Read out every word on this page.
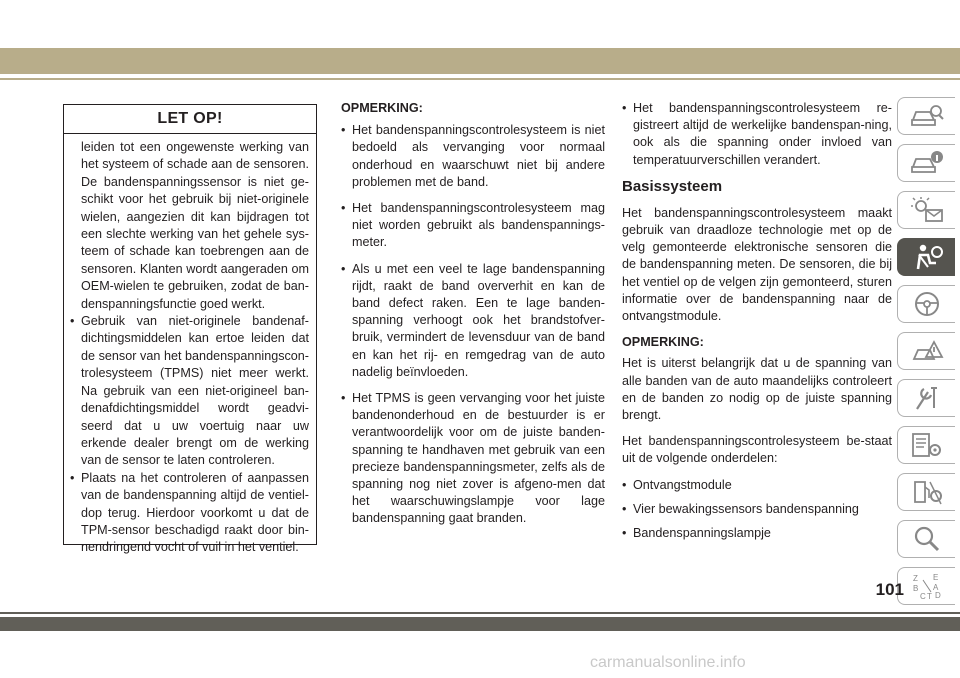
LET OP!

leiden tot een ongewenste werking van het systeem of schade aan de sensoren. De bandenspanningssensor is niet ge-schikt voor het gebruik bij niet-originele wielen, aangezien dit kan bijdragen tot een slechte werking van het gehele sys-teem of schade kan toebrengen aan de sensoren. Klanten wordt aangeraden om OEM-wielen te gebruiken, zodat de ban-denspanningsfunctie goed werkt.

• Gebruik van niet-originele bandenaf-dichtingsmiddelen kan ertoe leiden dat de sensor van het bandenspanningscon-trolesysteem (TPMS) niet meer werkt. Na gebruik van een niet-origineel ban-denafdichtingsmiddel wordt geadvi-seerd dat u uw voertuig naar uw erkende dealer brengt om de werking van de sensor te laten controleren.
• Plaats na het controleren of aanpassen van de bandenspanning altijd de ventiel-dop terug. Hierdoor voorkomt u dat de TPM-sensor beschadigd raakt door bin-nendringend vocht of vuil in het ventiel.

OPMERKING:

• Het bandenspanningscontrolesysteem is niet bedoeld als vervanging voor normaal onderhoud en waarschuwt niet bij andere problemen met de band.
• Het bandenspanningscontrolesysteem mag niet worden gebruikt als bandenspannings-meter.
• Als u met een veel te lage bandenspanning rijdt, raakt de band oververhit en kan de band defect raken. Een te lage banden-spanning verhoogt ook het brandstofver-bruik, vermindert de levensduur van de band en kan het rij- en remgedrag van de auto nadelig beïnvloeden.
• Het TPMS is geen vervanging voor het juiste bandenonderhoud en de bestuurder is er verantwoordelijk voor om de juiste banden-spanning te handhaven met gebruik van een precieze bandenspanningsmeter, zelfs als de spanning nog niet zover is afgeno-men dat het waarschuwingslampje voor lage bandenspanning gaat branden.
• Het bandenspanningscontrolesysteem re-gistreert altijd de werkelijke bandenspan-ning, ook als die spanning onder invloed van temperatuurverschillen verandert.
Basissysteem

Het bandenspanningscontrolesysteem maakt gebruik van draadloze technologie met op de velg gemonteerde elektronische sensoren die de bandenspanning meten. De sensoren, die bij het ventiel op de velgen zijn gemonteerd, sturen informatie over de bandenspanning naar de ontvangstmodule.

OPMERKING:

Het is uiterst belangrijk dat u de spanning van alle banden van de auto maandelijks controleert en de banden zo nodig op de juiste spanning brengt.

Het bandenspanningscontrolesysteem be-staat uit de volgende onderdelen:

• Ontvangstmodule
• Vier bewakingssensors bandenspanning
• Bandenspanningslampje
Z E
B A
D
C T
101
carmanualsonline.info
